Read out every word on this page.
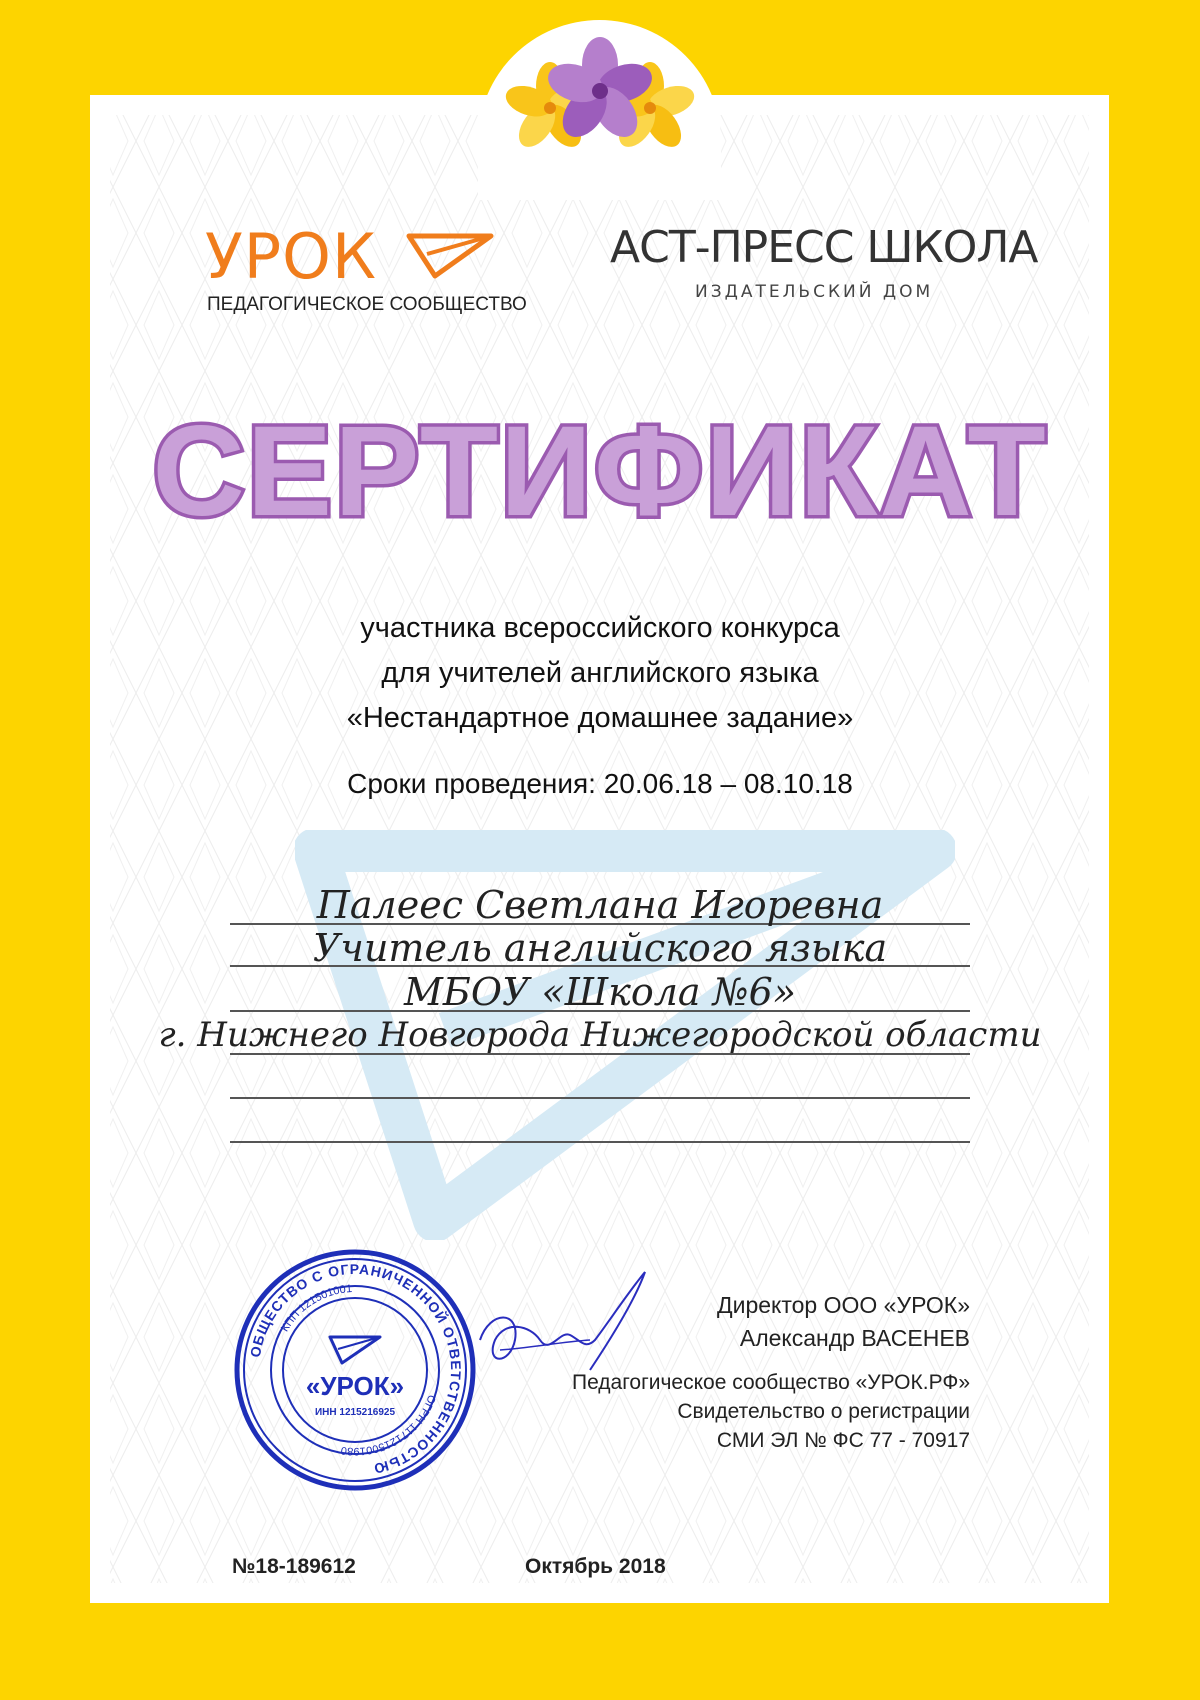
УРОК
ПЕДАГОГИЧЕСКОЕ СООБЩЕСТВО
АСТ-ПРЕСС ШКОЛА
ИЗДАТЕЛЬСКИЙ ДОМ
СЕРТИФИКАТ
участника всероссийского конкурса
для учителей английского языка
«Нестандартное домашнее задание»
Сроки проведения: 20.06.18 – 08.10.18
Палеес Светлана Игоревна
Учитель английского языка
МБОУ «Школа №6»
г. Нижнего Новгорода Нижегородской области
ОБЩЕСТВО С ОГРАНИЧЕННОЙ ОТВЕТСТВЕННОСТЬЮ
ОГРН 1171215001980
КПП 121501001
«УРОК»
ИНН 1215216925
Директор ООО «УРОК»
Александр ВАСЕНЕВ
Педагогическое сообщество «УРОК.РФ»
Свидетельство о регистрации
СМИ ЭЛ № ФС 77 - 70917
№18-189612	Октябрь 2018
